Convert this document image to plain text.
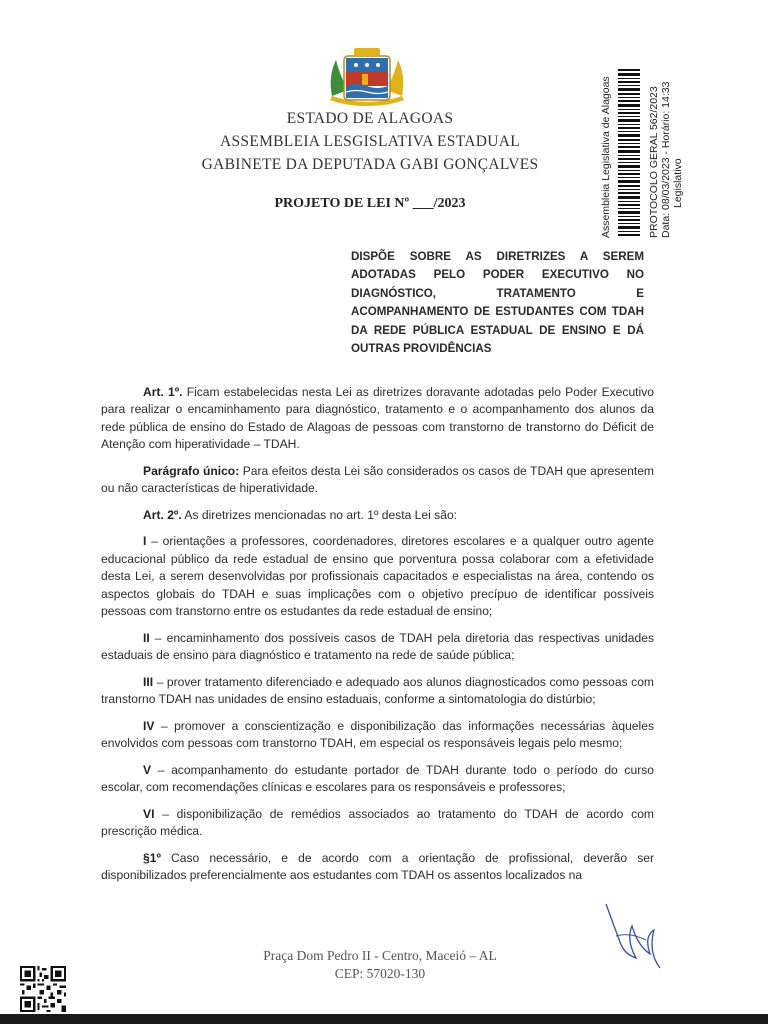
ESTADO DE ALAGOAS
ASSEMBLEIA LESGISLATIVA ESTADUAL
GABINETE DA DEPUTADA GABI GONÇALVES
PROJETO DE LEI Nº ___/2023	Assembleia Legislativa de Alagoas	PROTOCOLO GERAL 562/2023 Data: 08/03/2023 - Horário: 14:33 Legislativo
DISPÕE SOBRE AS DIRETRIZES A SEREM ADOTADAS PELO PODER EXECUTIVO NO DIAGNÓSTICO, TRATAMENTO E ACOMPANHAMENTO DE ESTUDANTES COM TDAH DA REDE PÚBLICA ESTADUAL DE ENSINO E DÁ OUTRAS PROVIDÊNCIAS

Art. 1º. Ficam estabelecidas nesta Lei as diretrizes doravante adotadas pelo Poder Executivo para realizar o encaminhamento para diagnóstico, tratamento e o acompanhamento dos alunos da rede pública de ensino do Estado de Alagoas de pessoas com transtorno de transtorno do Déficit de Atenção com hiperatividade – TDAH.

Parágrafo único: Para efeitos desta Lei são considerados os casos de TDAH que apresentem ou não características de hiperatividade.

Art. 2º. As diretrizes mencionadas no art. 1º desta Lei são:

I – orientações a professores, coordenadores, diretores escolares e a qualquer outro agente educacional público da rede estadual de ensino que porventura possa colaborar com a efetividade desta Lei, a serem desenvolvidas por profissionais capacitados e especialistas na área, contendo os aspectos globais do TDAH e suas implicações com o objetivo precípuo de identificar possíveis pessoas com transtorno entre os estudantes da rede estadual de ensino;

II – encaminhamento dos possíveis casos de TDAH pela diretoria das respectivas unidades estaduais de ensino para diagnóstico e tratamento na rede de saúde pública;

III – prover tratamento diferenciado e adequado aos alunos diagnosticados como pessoas com transtorno TDAH nas unidades de ensino estaduais, conforme a sintomatologia do distúrbio;

IV – promover a conscientização e disponibilização das informações necessárias àqueles envolvidos com pessoas com transtorno TDAH, em especial os responsáveis legais pelo mesmo;

V – acompanhamento do estudante portador de TDAH durante todo o período do curso escolar, com recomendações clínicas e escolares para os responsáveis e professores;

VI – disponibilização de remédios associados ao tratamento do TDAH de acordo com prescrição médica.

§1º Caso necessário, e de acordo com a orientação de profissional, deverão ser disponibilizados preferencialmente aos estudantes com TDAH os assentos localizados na

Praça Dom Pedro II - Centro, Maceió – AL
CEP: 57020-130
